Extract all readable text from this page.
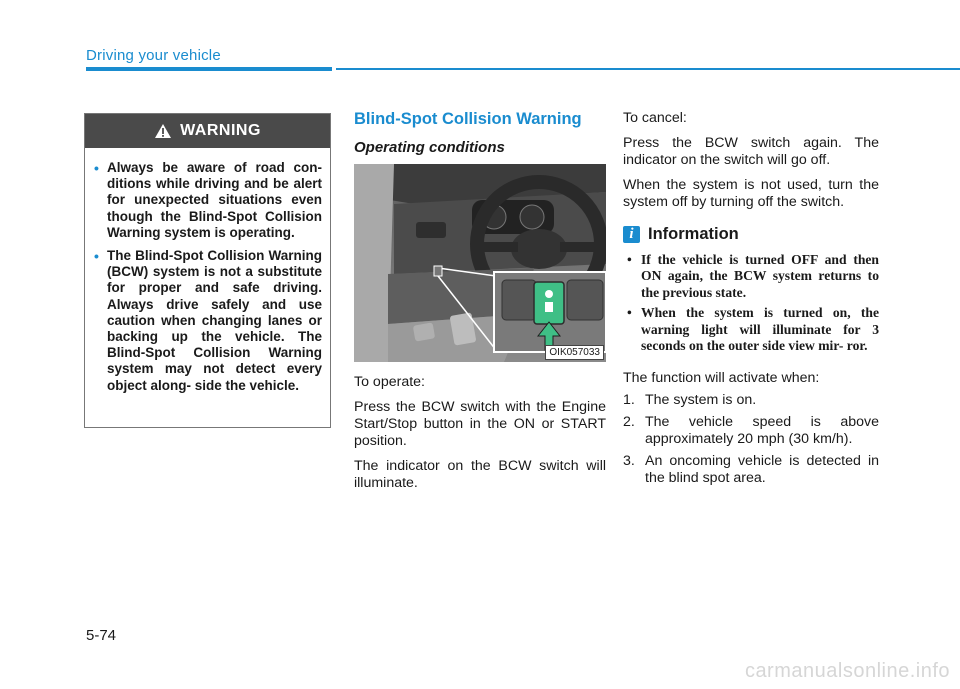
Driving your vehicle
WARNING
• Always be aware of road con- ditions while driving and be alert for unexpected situations even though the Blind-Spot Collision Warning system is operating.
• The Blind-Spot Collision Warning (BCW) system is not a substitute for proper and safe driving. Always drive safely and use caution when changing lanes or backing up the vehicle. The Blind-Spot Collision Warning system may not detect every object along- side the vehicle.
Blind-Spot Collision Warning
Operating conditions
OIK057033

To operate:

Press the BCW switch with the Engine Start/Stop button in the ON or START position.

The indicator on the BCW switch will illuminate.

To cancel:

Press the BCW switch again. The indicator on the switch will go off.

When the system is not used, turn the system off by turning off the switch.

i Information
• If the vehicle is turned OFF and then ON again, the BCW system returns to the previous state.
• When the system is turned on, the warning light will illuminate for 3 seconds on the outer side view mir- ror.

The function will activate when:

1. The system is on.
2. The vehicle speed is above approximately 20 mph (30 km/h).
3. An oncoming vehicle is detected in the blind spot area.
5-74
carmanualsonline.info
